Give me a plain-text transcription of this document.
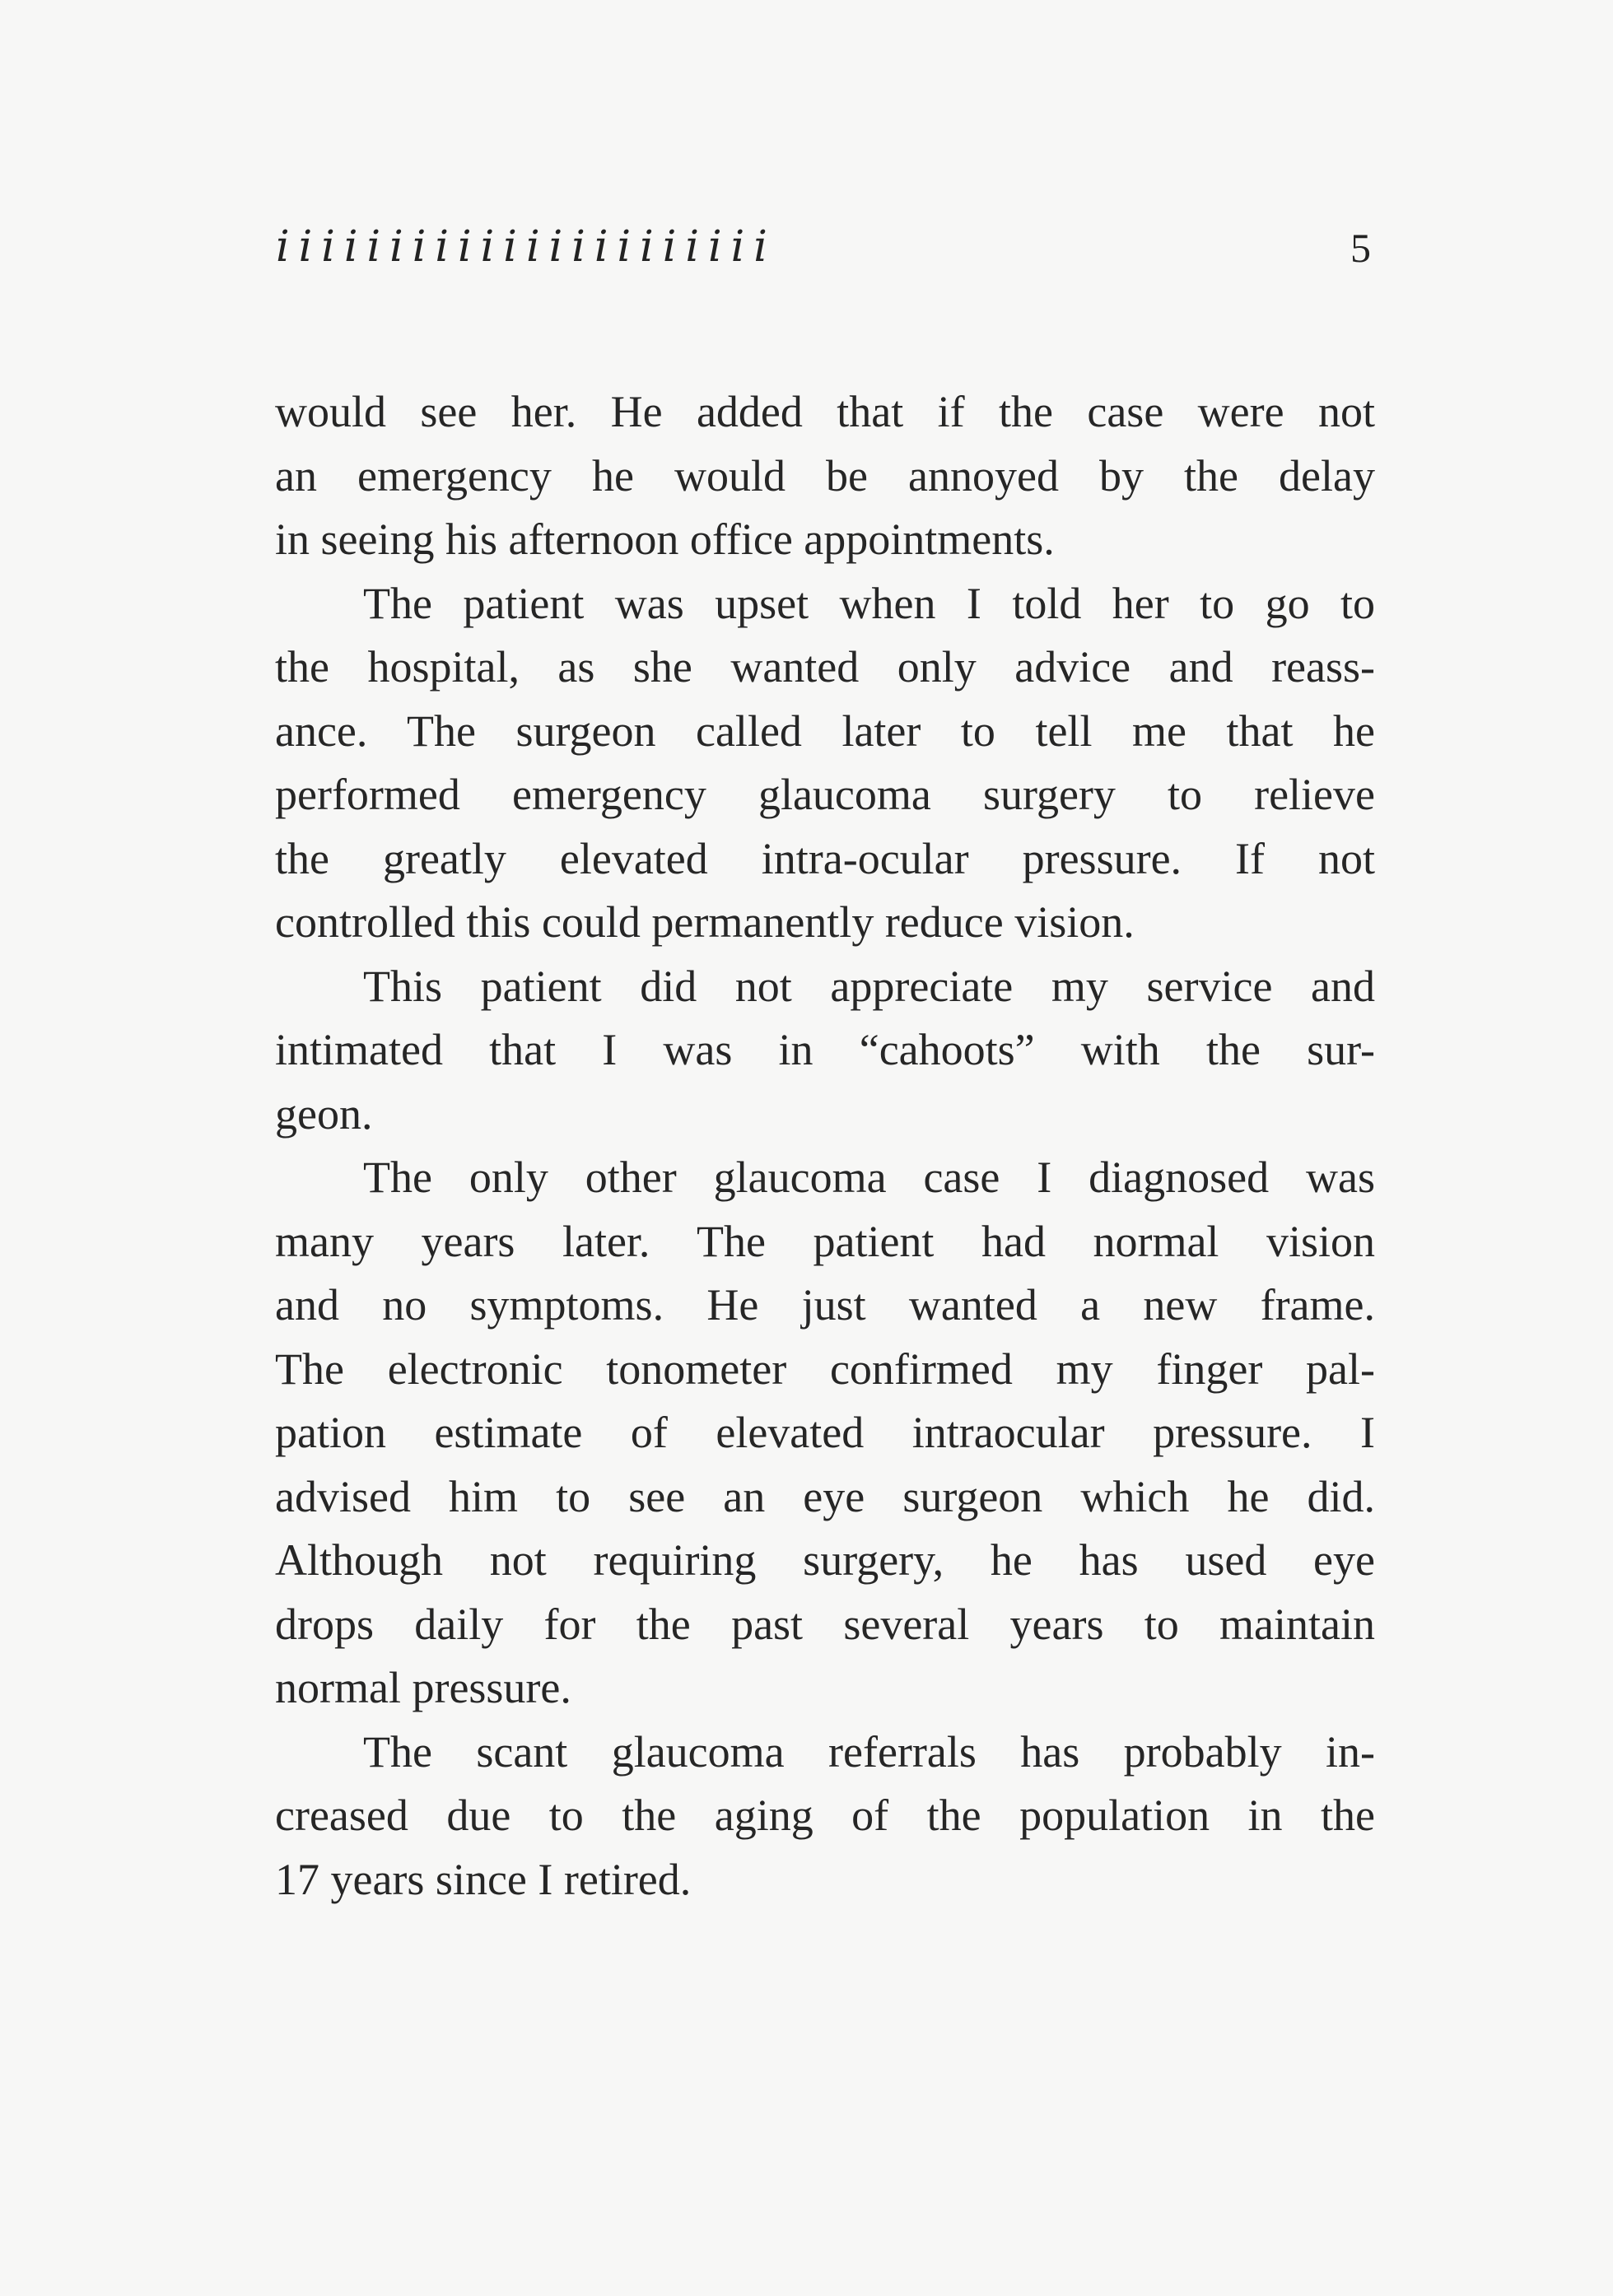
iiiiiiiiiiiiiiiiiiiiii	5
would see her. He added that if the case were not
an emergency he would be annoyed by the delay
in seeing his afternoon office appointments.
The patient was upset when I told her to go to
the hospital, as she wanted only advice and reass-
ance. The surgeon called later to tell me that he
performed emergency glaucoma surgery to relieve
the greatly elevated intra-ocular pressure. If not
controlled this could permanently reduce vision.
This patient did not appreciate my service and
intimated that I was in “cahoots” with the sur-
geon.
The only other glaucoma case I diagnosed was
many years later. The patient had normal vision
and no symptoms. He just wanted a new frame.
The electronic tonometer confirmed my finger pal-
pation estimate of elevated intraocular pressure. I
advised him to see an eye surgeon which he did.
Although not requiring surgery, he has used eye
drops daily for the past several years to maintain
normal pressure.
The scant glaucoma referrals has probably in-
creased due to the aging of the population in the
17 years since I retired.
